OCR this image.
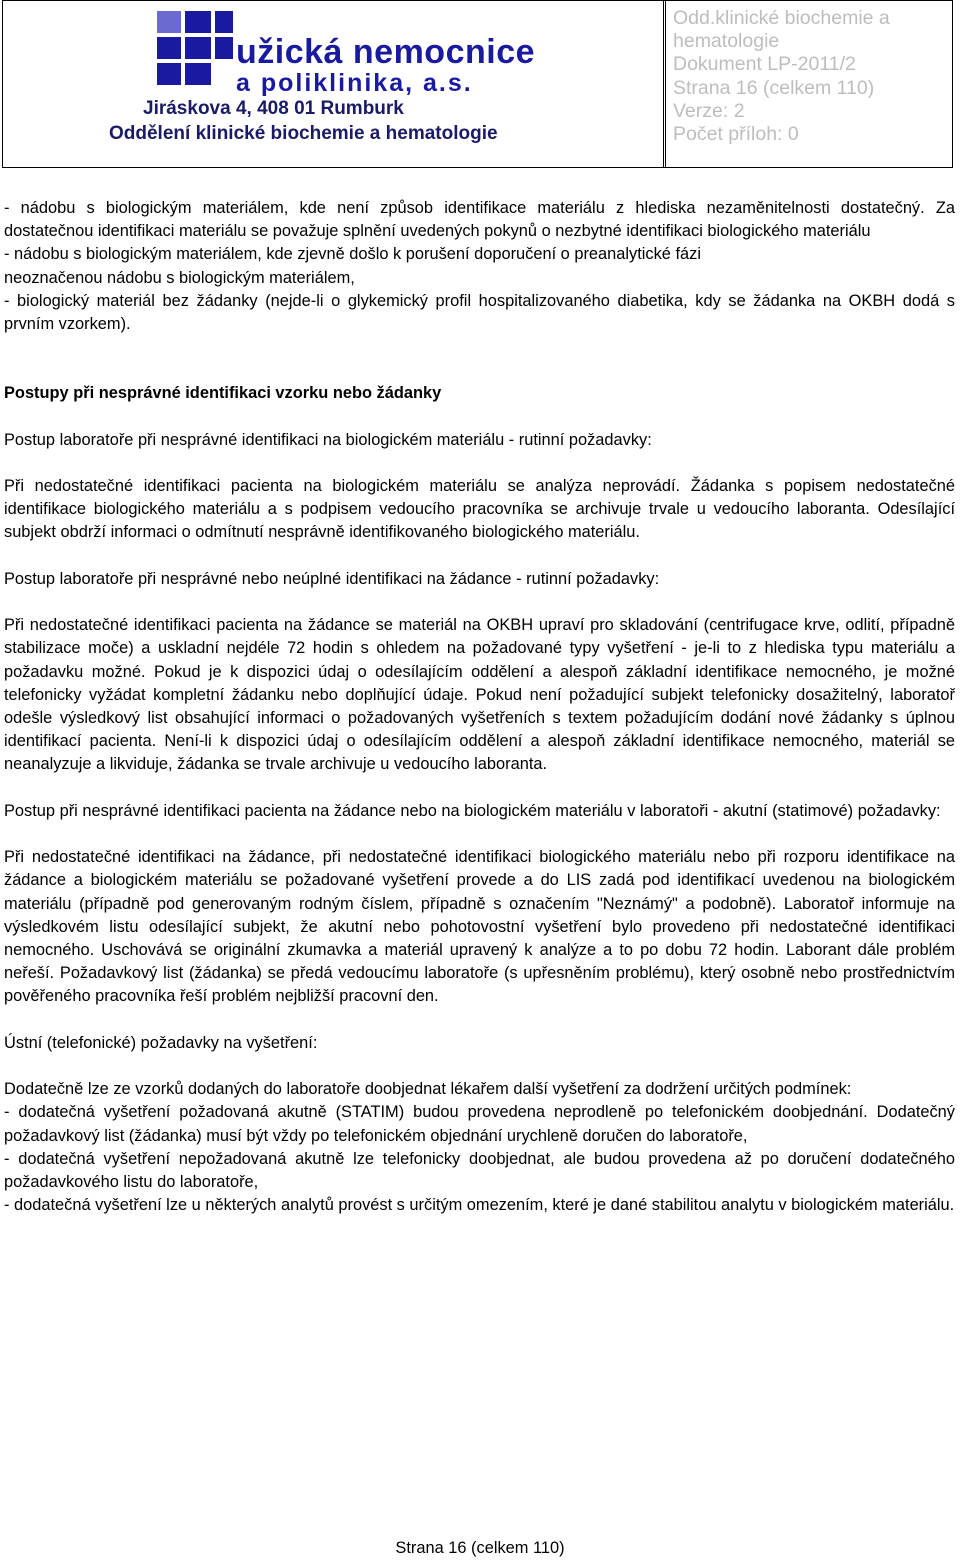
užická nemocnice
a poliklinika, a.s.
Jiráskova 4, 408 01 Rumburk
Oddělení klinické biochemie a hematologie
Odd.klinické biochemie a
hematologie
Dokument LP-2011/2
Strana 16 (celkem 110)
Verze: 2
Počet příloh: 0

- nádobu s biologickým materiálem, kde není způsob identifikace materiálu z hlediska nezaměnitelnosti dostatečný. Za dostatečnou identifikaci materiálu se považuje splnění uvedených pokynů o nezbytné identifikaci biologického materiálu

- nádobu s biologickým materiálem, kde zjevně došlo k porušení doporučení o preanalytické fázi

neoznačenou nádobu s biologickým materiálem,

- biologický materiál bez žádanky (nejde-li o glykemický profil hospitalizovaného diabetika, kdy se žádanka na OKBH dodá s prvním vzorkem).

Postupy při nesprávné identifikaci vzorku nebo žádanky

Postup laboratoře při nesprávné identifikaci na biologickém materiálu - rutinní požadavky:

Při nedostatečné identifikaci pacienta na biologickém materiálu se analýza neprovádí. Žádanka s popisem nedostatečné identifikace biologického materiálu a s podpisem vedoucího pracovníka se archivuje trvale u vedoucího laboranta. Odesílající subjekt obdrží informaci o odmítnutí nesprávně identifikovaného biologického materiálu.

Postup laboratoře při nesprávné nebo neúplné identifikaci na žádance - rutinní požadavky:

Při nedostatečné identifikaci pacienta na žádance se materiál na OKBH upraví pro skladování (centrifugace krve, odlití, případně stabilizace moče) a uskladní nejdéle 72 hodin s ohledem na požadované typy vyšetření - je-li to z hlediska typu materiálu a požadavku možné. Pokud je k dispozici údaj o odesílajícím oddělení a alespoň základní identifikace nemocného, je možné telefonicky vyžádat kompletní žádanku nebo doplňující údaje. Pokud není požadující subjekt telefonicky dosažitelný, laboratoř odešle výsledkový list obsahující informaci o požadovaných vyšetřeních s textem požadujícím dodání nové žádanky s úplnou identifikací pacienta. Není-li k dispozici údaj o odesílajícím oddělení a alespoň základní identifikace nemocného, materiál se neanalyzuje a likviduje, žádanka se trvale archivuje u vedoucího laboranta.

Postup při nesprávné identifikaci pacienta na žádance nebo na biologickém materiálu v laboratoři - akutní (statimové) požadavky:

Při nedostatečné identifikaci na žádance, při nedostatečné identifikaci biologického materiálu nebo při rozporu identifikace na žádance a biologickém materiálu se požadované vyšetření provede a do LIS zadá pod identifikací uvedenou na biologickém materiálu (případně pod generovaným rodným číslem, případně s označením "Neznámý" a podobně). Laboratoř informuje na výsledkovém listu odesílající subjekt, že akutní nebo pohotovostní vyšetření bylo provedeno při nedostatečné identifikaci nemocného. Uschovává se originální zkumavka a materiál upravený k analýze a to po dobu 72 hodin. Laborant dále problém neřeší. Požadavkový list (žádanka) se předá vedoucímu laboratoře (s upřesněním problému), který osobně nebo prostřednictvím pověřeného pracovníka řeší problém nejbližší pracovní den.

Ústní (telefonické) požadavky na vyšetření:

Dodatečně lze ze vzorků dodaných do laboratoře doobjednat lékařem další vyšetření za dodržení určitých podmínek:

- dodatečná vyšetření požadovaná akutně (STATIM) budou provedena neprodleně po telefonickém doobjednání. Dodatečný požadavkový list (žádanka) musí být vždy po telefonickém objednání urychleně doručen do laboratoře,

- dodatečná vyšetření nepožadovaná akutně lze telefonicky doobjednat, ale budou provedena až po doručení dodatečného požadavkového listu do laboratoře,

- dodatečná vyšetření lze u některých analytů provést s určitým omezením, které je dané stabilitou analytu v biologickém materiálu.

Strana 16 (celkem 110)
